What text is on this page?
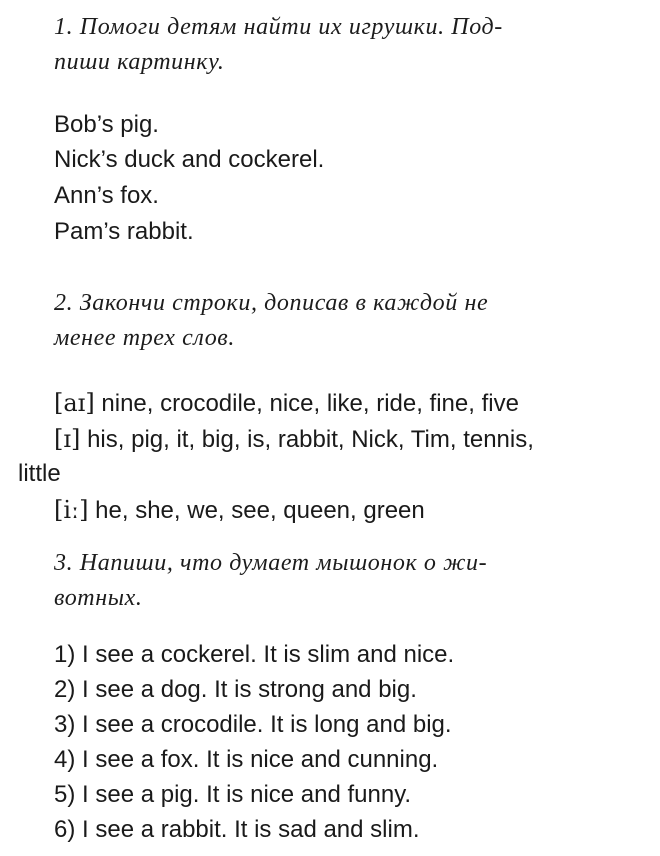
1. Помоги детям найти их игрушки. Под-
пиши картинку.
Bob’s pig.
Nick’s duck and cockerel.
Ann’s fox.
Pam’s rabbit.
2. Закончи строки, дописав в каждой не
менее трех слов.
[aɪ] nine, crocodile, nice, like, ride, fine, five
[ɪ] his, pig, it, big, is, rabbit, Nick, Tim, tennis,
little
[iː] he, she, we, see, queen, green
3. Напиши, что думает мышонок о жи-
вотных.
1) I see a cockerel. It is slim and nice.
2) I see a dog. It is strong and big.
3) I see a crocodile. It is long and big.
4) I see a fox. It is nice and cunning.
5) I see a pig. It is nice and funny.
6) I see a rabbit. It is sad and slim.
